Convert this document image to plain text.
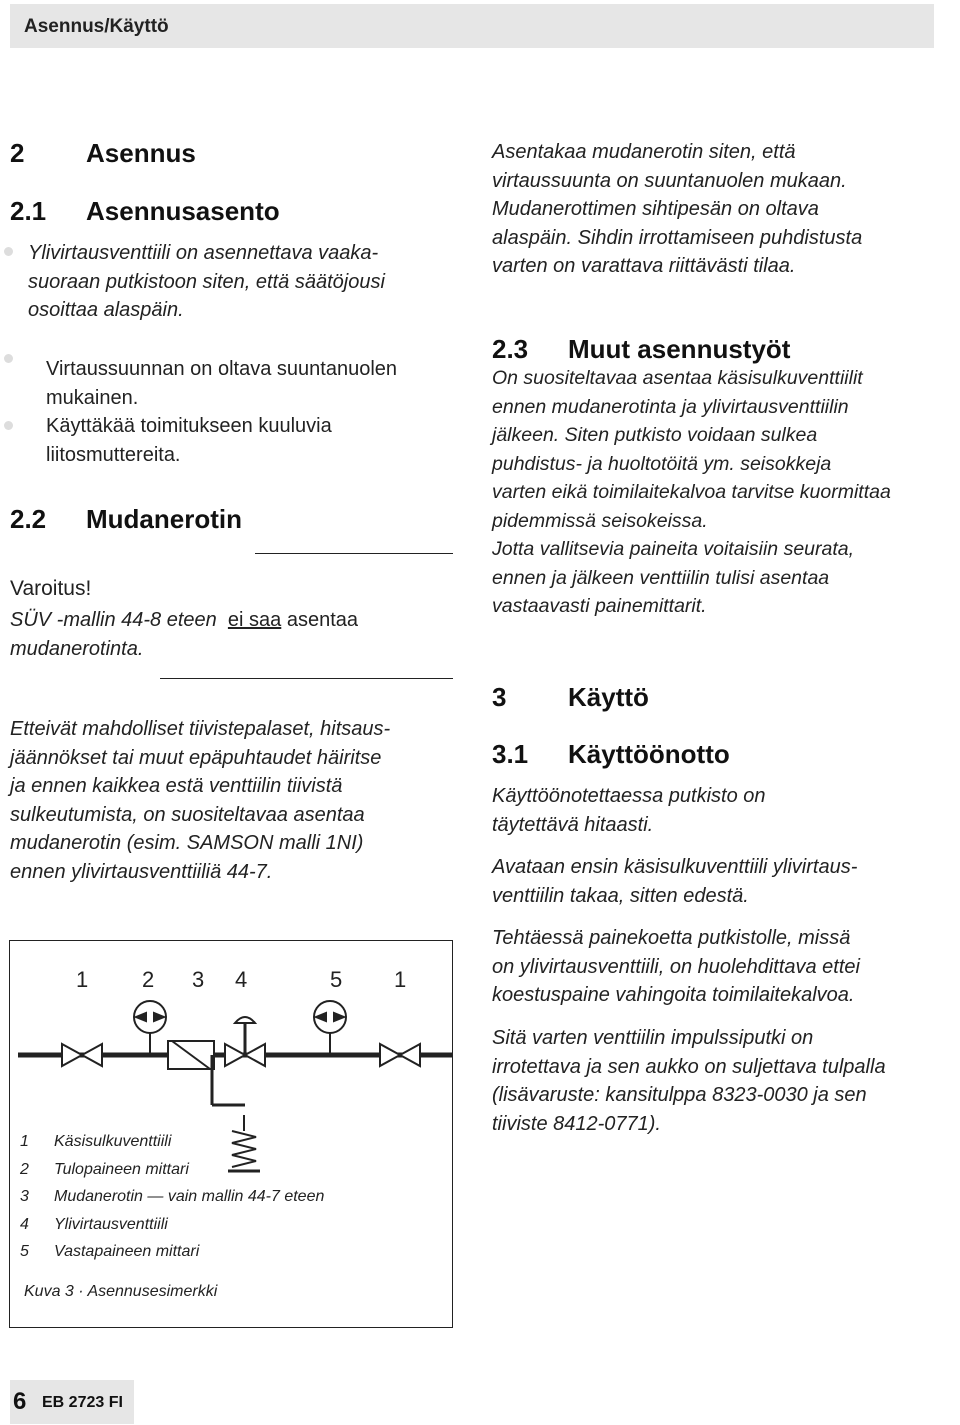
Asennus/Käyttö
2 Asennus
2.1 Asennusasento
Ylivirtausventtiili on asennettava vaaka-
suoraan putkistoon siten, että säätöjousi
osoittaa alaspäin.
Virtaussuunnan on oltava suuntanuolen
mukainen.
Käyttäkää toimitukseen kuuluvia
liitosmuttereita.
2.2 Mudanerotin
Varoitus!
SÜV -mallin 44-8 eteen ei saa asentaa
mudanerotinta.
Etteivät mahdolliset tiivistepalaset, hitsaus-
jäännökset tai muut epäpuhtaudet häiritse
ja ennen kaikkea estä venttiilin tiivistä
sulkeutumista, on suositeltavaa asentaa
mudanerotin (esim. SAMSON malli 1NI)
ennen ylivirtausventtiiliä 44-7.
1 2 3 4	5 1
1 Käsisulkuventtiili
2 Tulopaineen mittari
3 Mudanerotin — vain mallin 44-7 eteen
4 Ylivirtausventtiili
5 Vastapaineen mittari
Kuva 3 · Asennusesimerkki
Asentakaa mudanerotin siten, että
virtaussuunta on suuntanuolen mukaan.
Mudanerottimen sihtipesän on oltava
alaspäin. Sihdin irrottamiseen puhdistusta
varten on varattava riittävästi tilaa.
2.3 Muut asennustyöt
On suositeltavaa asentaa käsisulkuventtiilit
ennen mudanerotinta ja ylivirtausventtiilin
jälkeen. Siten putkisto voidaan sulkea
puhdistus- ja huoltotöitä ym. seisokkeja
varten eikä toimilaitekalvoa tarvitse kuormittaa
pidemmissä seisokeissa.
Jotta vallitsevia paineita voitaisiin seurata,
ennen ja jälkeen venttiilin tulisi asentaa
vastaavasti painemittarit.
3 Käyttö
3.1 Käyttöönotto
Käyttöönotettaessa putkisto on
täytettävä hitaasti.
Avataan ensin käsisulkuventtiili ylivirtaus-
venttiilin takaa, sitten edestä.
Tehtäessä painekoetta putkistolle, missä
on ylivirtausventtiili, on huolehdittava ettei
koestuspaine vahingoita toimilaitekalvoa.
Sitä varten venttiilin impulssiputki on
irrotettava ja sen aukko on suljettava tulpalla
(lisävaruste: kansitulppa 8323-0030 ja sen
tiiviste 8412-0771).
6 EB 2723 FI
